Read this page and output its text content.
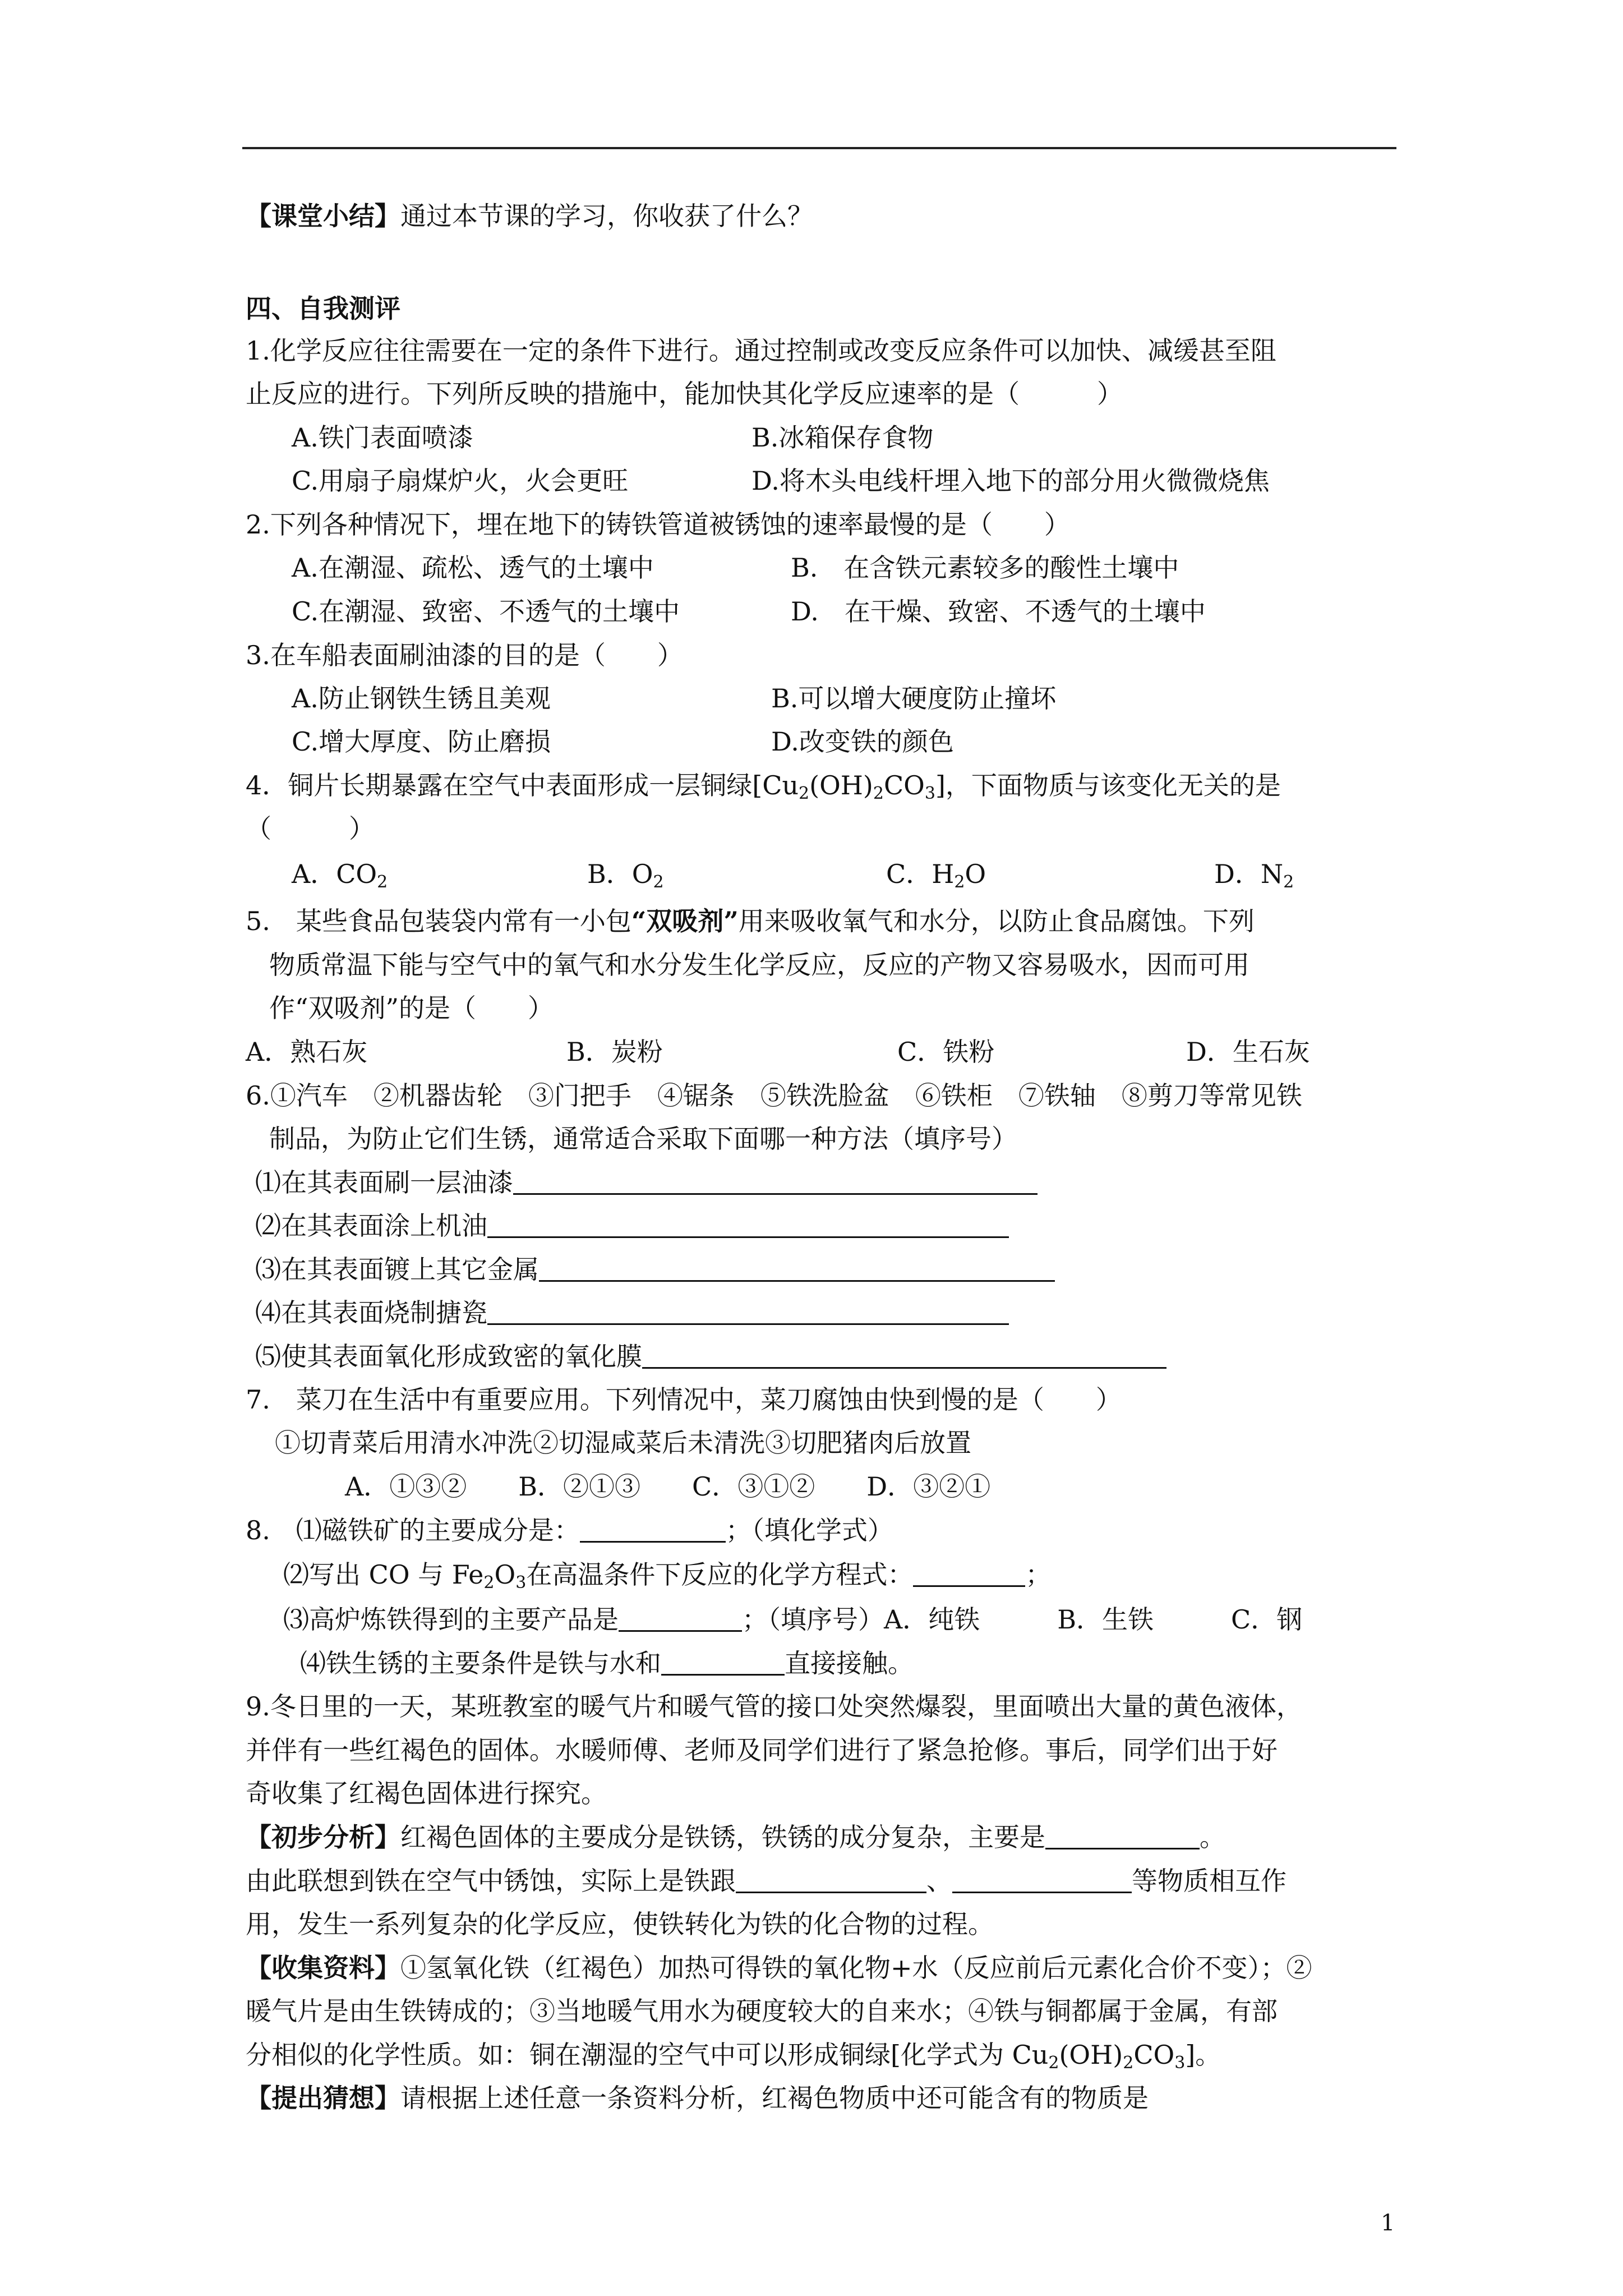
【课堂小结】通过本节课的学习，你收获了什么？
四、自我测评
1.化学反应往往需要在一定的条件下进行。通过控制或改变反应条件可以加快、减缓甚至阻
止反应的进行。下列所反映的措施中，能加快其化学反应速率的是（　　　）
A.铁门表面喷漆	B.冰箱保存食物
C.用扇子扇煤炉火，火会更旺	D.将木头电线杆埋入地下的部分用火微微烧焦
2.下列各种情况下，埋在地下的铸铁管道被锈蚀的速率最慢的是（　　）
A.在潮湿、疏松、透气的土壤中	B.　在含铁元素较多的酸性土壤中
C.在潮湿、致密、不透气的土壤中	D.　在干燥、致密、不透气的土壤中
3.在车船表面刷油漆的目的是（　　）
A.防止钢铁生锈且美观	B.可以增大硬度防止撞坏
C.增大厚度、防止磨损	D.改变铁的颜色
4．铜片长期暴露在空气中表面形成一层铜绿$[Cu_2(OH)_2CO_3]$，下面物质与该变化无关的是
（　　　）
A．$CO_2$	B．$O_2$	C．$H_2O$	D．$N_2$
5.　某些食品包装袋内常有一小包“双吸剂”用来吸收氧气和水分，以防止食品腐蚀。下列
物质常温下能与空气中的氧气和水分发生化学反应，反应的产物又容易吸水，因而可用
作“双吸剂”的是（　　）
A．熟石灰	B．炭粉	C．铁粉	D．生石灰
6.①汽车　②机器齿轮　③门把手　④锯条　⑤铁洗脸盆　⑥铁柜　⑦铁轴　⑧剪刀等常见铁
制品，为防止它们生锈，通常适合采取下面哪一种方法（填序号）
⑴在其表面刷一层油漆
⑵在其表面涂上机油
⑶在其表面镀上其它金属
⑷在其表面烧制搪瓷
⑸使其表面氧化形成致密的氧化膜
7.　菜刀在生活中有重要应用。下列情况中，菜刀腐蚀由快到慢的是（　　）
①切青菜后用清水冲洗②切湿咸菜后未清洗③切肥猪肉后放置
A．①③②　　B．②①③　　C．③①②　　D．③②①
8.　⑴磁铁矿的主要成分是：	；（填化学式）
⑵写出 CO 与 $Fe_2O_3$在高温条件下反应的化学方程式：	；
⑶高炉炼铁得到的主要产品是	；（填序号）A．纯铁　　　B．生铁　　　C．钢
⑷铁生锈的主要条件是铁与水和	直接接触。
9.冬日里的一天，某班教室的暖气片和暖气管的接口处突然爆裂，里面喷出大量的黄色液体，
并伴有一些红褐色的固体。水暖师傅、老师及同学们进行了紧急抢修。事后，同学们出于好
奇收集了红褐色固体进行探究。
【初步分析】红褐色固体的主要成分是铁锈，铁锈的成分复杂，主要是	。
由此联想到铁在空气中锈蚀，实际上是铁跟	、	等物质相互作
用，发生一系列复杂的化学反应，使铁转化为铁的化合物的过程。
【收集资料】①氢氧化铁（红褐色）加热可得铁的氧化物+水（反应前后元素化合价不变）；②
暖气片是由生铁铸成的；③当地暖气用水为硬度较大的自来水；④铁与铜都属于金属，有部
分相似的化学性质。如：铜在潮湿的空气中可以形成铜绿[化学式为 $Cu_2(OH)_2CO_3$]。
【提出猜想】请根据上述任意一条资料分析，红褐色物质中还可能含有的物质是
1
